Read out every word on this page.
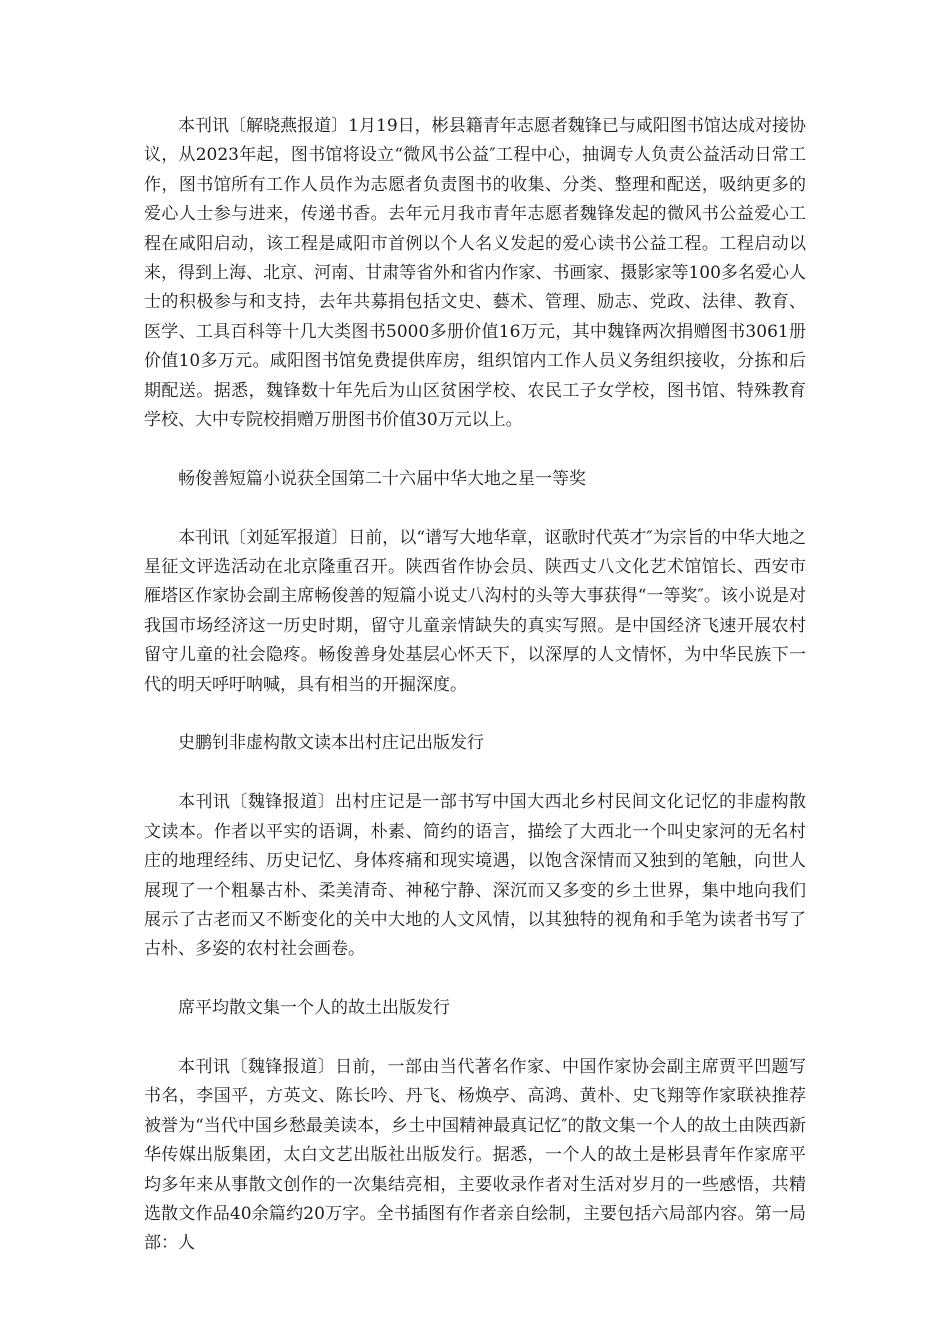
本刊讯〔解晓燕报道〕1月19日，彬县籍青年志愿者魏锋已与咸阳图书馆达成对接协议，从2023年起，图书馆将设立“微风书公益″工程中心，抽调专人负责公益活动日常工作，图书馆所有工作人员作为志愿者负责图书的收集、分类、整理和配送，吸纳更多的爱心人士参与进来，传递书香。去年元月我市青年志愿者魏锋发起的微风书公益爱心工程在咸阳启动，该工程是咸阳市首例以个人名义发起的爱心读书公益工程。工程启动以来，得到上海、北京、河南、甘肃等省外和省内作家、书画家、摄影家等100多名爱心人士的积极参与和支持，去年共募捐包括文史、藝术、管理、励志、党政、法律、教育、医学、工具百科等十几大类图书5000多册价值16万元，其中魏锋两次捐赠图书3061册价值10多万元。咸阳图书馆免费提供库房，组织馆内工作人员义务组织接收，分拣和后期配送。据悉，魏锋数十年先后为山区贫困学校、农民工子女学校，图书馆、特殊教育学校、大中专院校捐赠万册图书价值30万元以上。

畅俊善短篇小说获全国第二十六届中华大地之星一等奖

本刊讯〔刘延军报道〕日前，以“谱写大地华章，讴歌时代英才″为宗旨的中华大地之星征文评选活动在北京隆重召开。陕西省作协会员、陕西丈八文化艺术馆馆长、西安市雁塔区作家协会副主席畅俊善的短篇小说丈八沟村的头等大事获得“一等奖″。该小说是对我国市场经济这一历史时期，留守儿童亲情缺失的真实写照。是中国经济飞速开展农村留守儿童的社会隐疼。畅俊善身处基层心怀天下，以深厚的人文情怀，为中华民族下一代的明天呼吁呐喊，具有相当的开掘深度。

史鹏钊非虚构散文读本出村庄记出版发行

本刊讯〔魏锋报道〕出村庄记是一部书写中国大西北乡村民间文化记忆的非虚构散文读本。作者以平实的语调，朴素、简约的语言，描绘了大西北一个叫史家河的无名村庄的地理经纬、历史记忆、身体疼痛和现实境遇，以饱含深情而又独到的笔触，向世人展现了一个粗暴古朴、柔美清奇、神秘宁静、深沉而又多变的乡土世界，集中地向我们展示了古老而又不断变化的关中大地的人文风情，以其独特的视角和手笔为读者书写了古朴、多姿的农村社会画卷。

席平均散文集一个人的故土出版发行

本刊讯〔魏锋报道〕日前，一部由当代著名作家、中国作家协会副主席贾平凹题写书名，李国平，方英文、陈长吟、丹飞、杨焕亭、高鸿、黄朴、史飞翔等作家联袂推荐被誉为“当代中国乡愁最美读本，乡土中国精神最真记忆″的散文集一个人的故土由陕西新华传媒出版集团，太白文艺出版社出版发行。据悉，一个人的故土是彬县青年作家席平均多年来从事散文创作的一次集结亮相，主要收录作者对生活对岁月的一些感悟，共精选散文作品40余篇约20万字。全书插图有作者亲自绘制，主要包括六局部内容。第一局部：人
